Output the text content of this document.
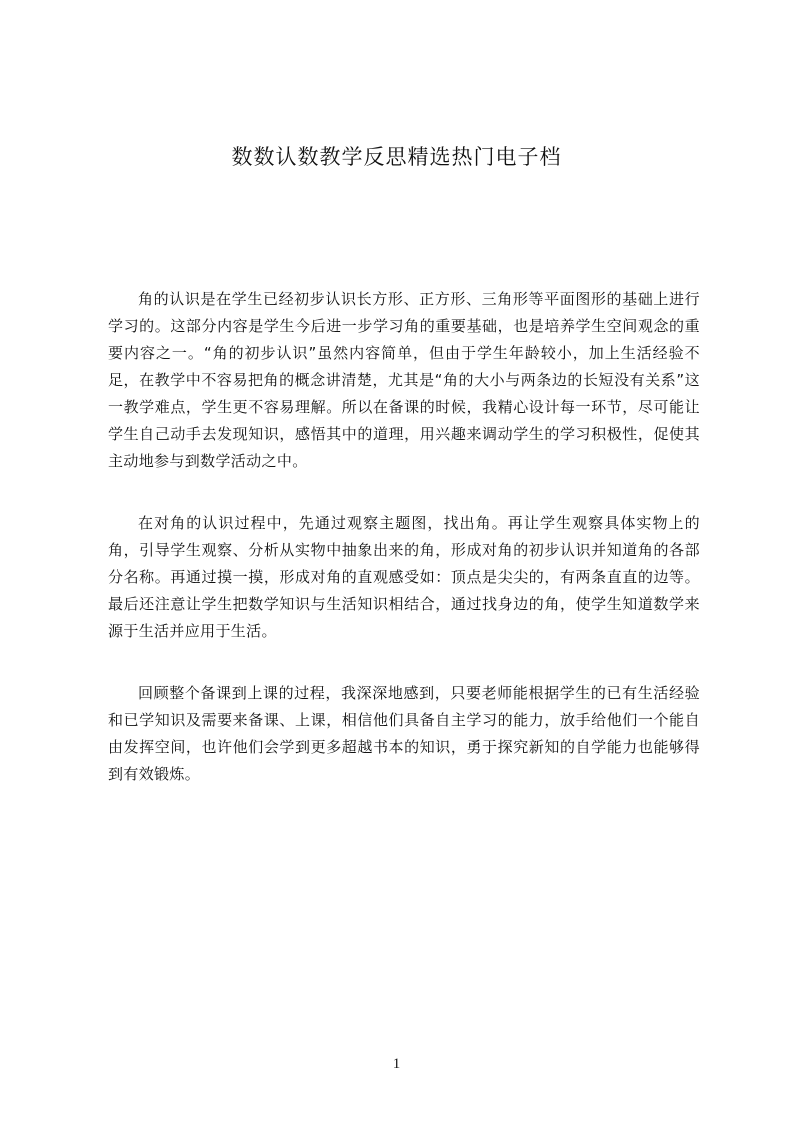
数数认数教学反思精选热门电子档

角的认识是在学生已经初步认识长方形、正方形、三角形等平面图形的基础上进行学习的。这部分内容是学生今后进一步学习角的重要基础，也是培养学生空间观念的重要内容之一。“角的初步认识”虽然内容简单，但由于学生年龄较小，加上生活经验不足，在教学中不容易把角的概念讲清楚，尤其是“角的大小与两条边的长短没有关系”这一教学难点，学生更不容易理解。所以在备课的时候，我精心设计每一环节，尽可能让学生自己动手去发现知识，感悟其中的道理，用兴趣来调动学生的学习积极性，促使其主动地参与到数学活动之中。

在对角的认识过程中，先通过观察主题图，找出角。再让学生观察具体实物上的角，引导学生观察、分析从实物中抽象出来的角，形成对角的初步认识并知道角的各部分名称。再通过摸一摸，形成对角的直观感受如：顶点是尖尖的，有两条直直的边等。最后还注意让学生把数学知识与生活知识相结合，通过找身边的角，使学生知道数学来源于生活并应用于生活。

回顾整个备课到上课的过程，我深深地感到，只要老师能根据学生的已有生活经验和已学知识及需要来备课、上课，相信他们具备自主学习的能力，放手给他们一个能自由发挥空间，也许他们会学到更多超越书本的知识，勇于探究新知的自学能力也能够得到有效锻炼。

1
